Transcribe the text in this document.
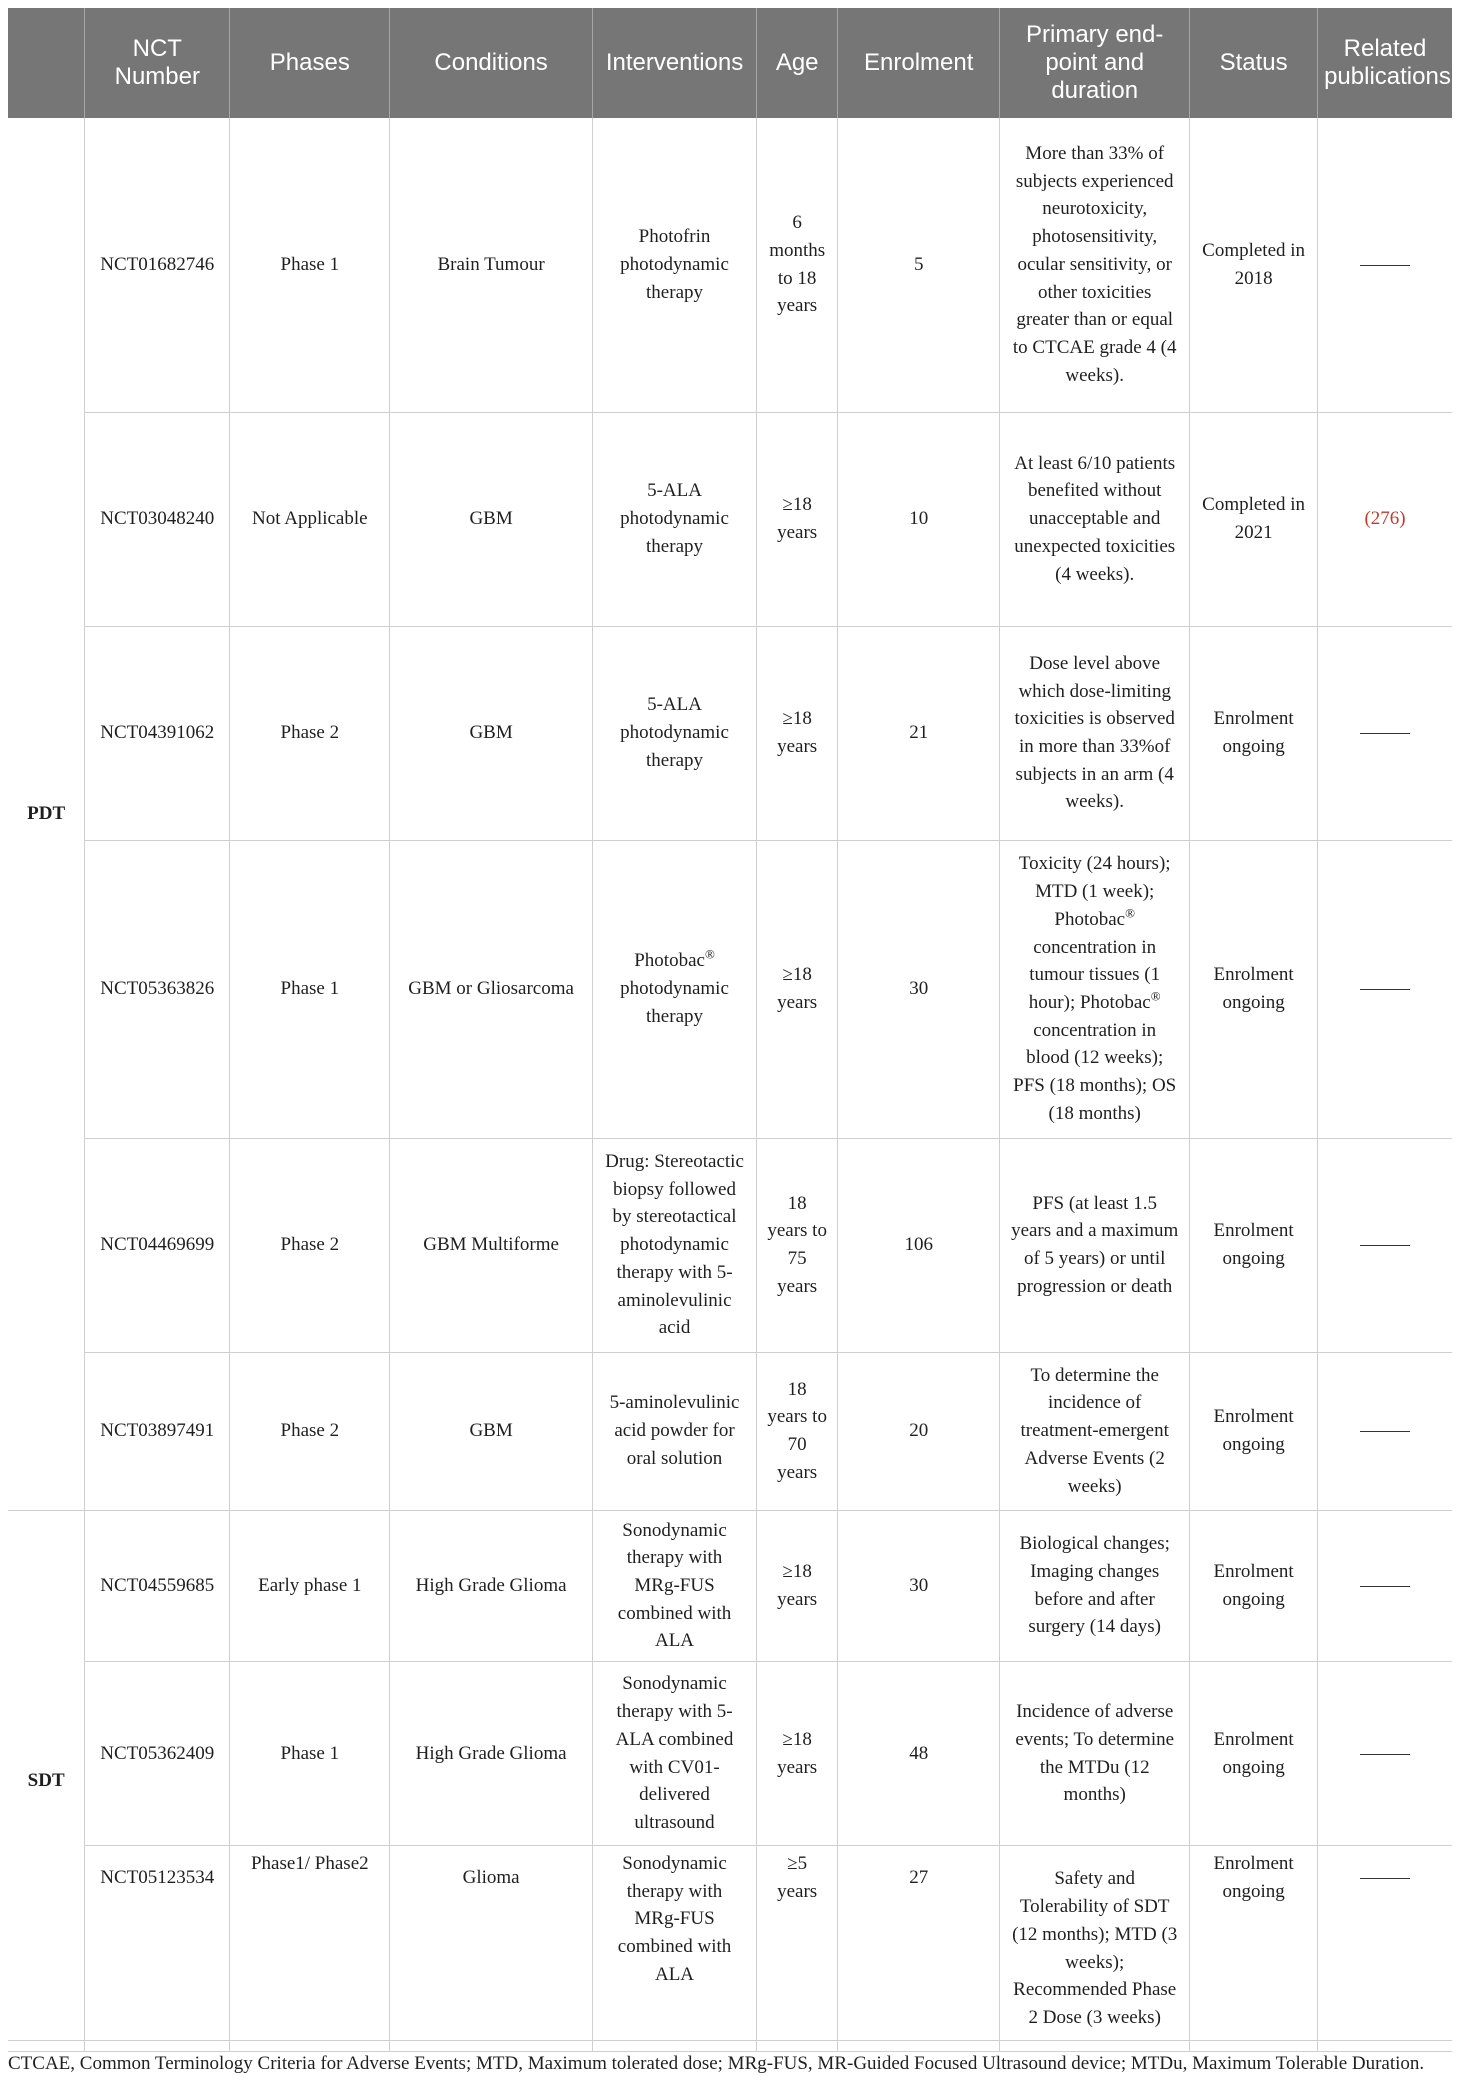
	NCT Number	Phases	Conditions	Interventions	Age	Enrolment	Primary end-point and duration	Status	Related publications
PDT	NCT01682746	Phase 1	Brain Tumour	Photofrin photodynamic therapy	6 months to 18 years	5	More than 33% of subjects experienced neurotoxicity, photosensitivity, ocular sensitivity, or other toxicities greater than or equal to CTCAE grade 4 (4 weeks).	Completed in 2018	
	NCT03048240	Not Applicable	GBM	5-ALA photodynamic therapy	≥18 years	10	At least 6/10 patients benefited without unacceptable and unexpected toxicities (4 weeks).	Completed in 2021	(276)
	NCT04391062	Phase 2	GBM	5-ALA photodynamic therapy	≥18 years	21	Dose level above which dose-limiting toxicities is observed in more than 33%of subjects in an arm (4 weeks).	Enrolment ongoing	
	NCT05363826	Phase 1	GBM or Gliosarcoma	Photobac® photodynamic therapy	≥18 years	30	Toxicity (24 hours); MTD (1 week); Photobac® concentration in tumour tissues (1 hour); Photobac® concentration in blood (12 weeks); PFS (18 months); OS (18 months)	Enrolment ongoing	
	NCT04469699	Phase 2	GBM Multiforme	Drug: Stereotactic biopsy followed by stereotactical photodynamic therapy with 5-aminolevulinic acid	18 years to 75 years	106	PFS (at least 1.5 years and a maximum of 5 years) or until progression or death	Enrolment ongoing	
	NCT03897491	Phase 2	GBM	5-aminolevulinic acid powder for oral solution	18 years to 70 years	20	To determine the incidence of treatment-emergent Adverse Events (2 weeks)	Enrolment ongoing	
SDT	NCT04559685	Early phase 1	High Grade Glioma	Sonodynamic therapy with MRg-FUS combined with ALA	≥18 years	30	Biological changes; Imaging changes before and after surgery (14 days)	Enrolment ongoing	
	NCT05362409	Phase 1	High Grade Glioma	Sonodynamic therapy with 5-ALA combined with CV01-delivered ultrasound	≥18 years	48	Incidence of adverse events; To determine the MTDu (12 months)	Enrolment ongoing	
	NCT05123534	Phase1/ Phase2	Glioma	Sonodynamic therapy with MRg-FUS combined with ALA	≥5 years	27	Safety and Tolerability of SDT (12 months); MTD (3 weeks); Recommended Phase 2 Dose (3 weeks)	Enrolment ongoing	
CTCAE, Common Terminology Criteria for Adverse Events; MTD, Maximum tolerated dose; MRg-FUS, MR-Guided Focused Ultrasound device; MTDu, Maximum Tolerable Duration.
